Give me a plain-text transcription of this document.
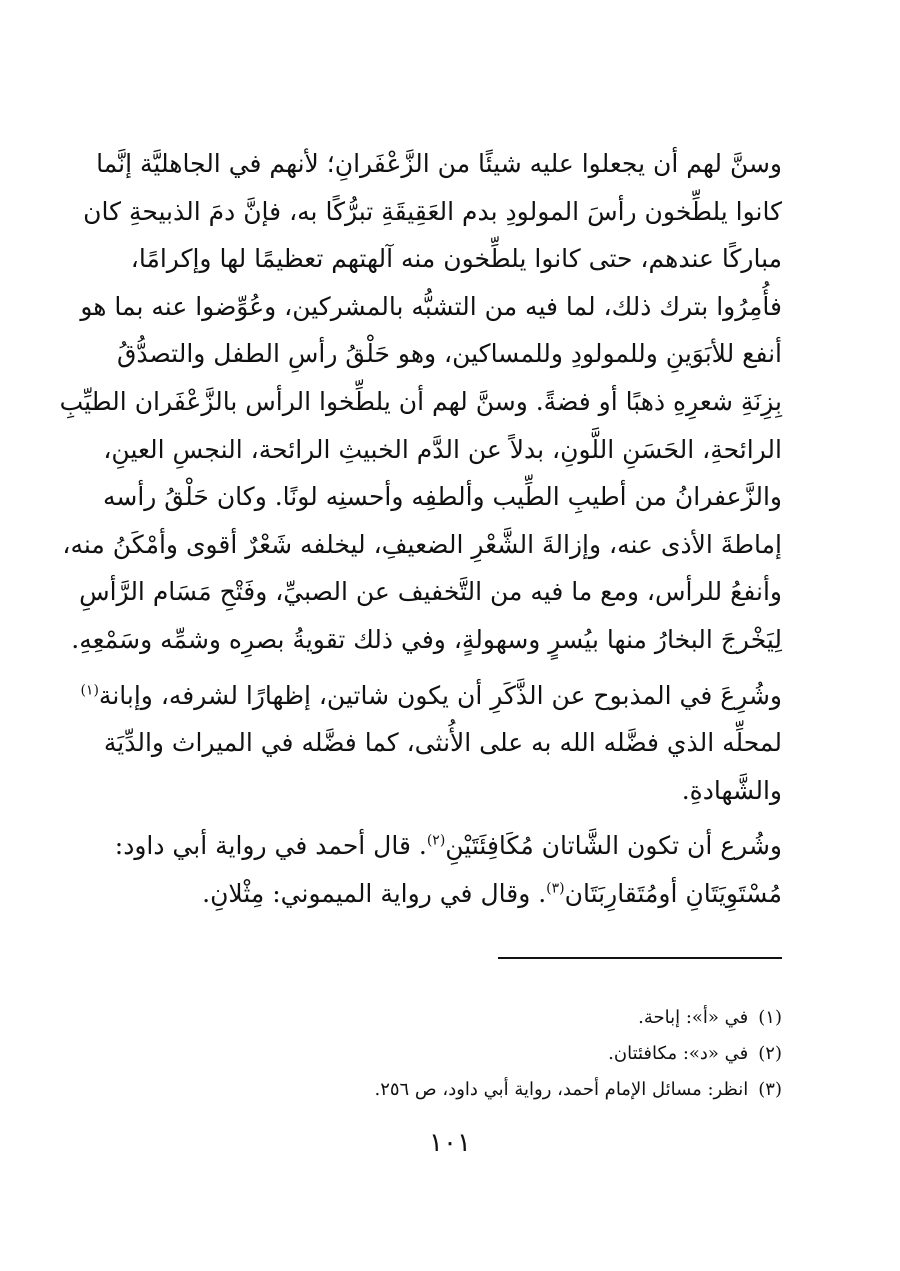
وسنَّ لهم أن يجعلوا عليه شيئًا من الزَّعْفَرانِ؛ لأنهم في الجاهليَّة إنَّما
كانوا يلطِّخون رأسَ المولودِ بدم العَقِيقَةِ تبرُّكًا به، فإنَّ دمَ الذبيحةِ كان
مباركًا عندهم، حتى كانوا يلطِّخون منه آلهتهم تعظيمًا لها وإكرامًا،
فأُمِرُوا بترك ذلك، لما فيه من التشبُّه بالمشركين، وعُوِّضوا عنه بما هو
أنفع للأبَوَينِ وللمولودِ وللمساكين، وهو حَلْقُ رأسِ الطفل والتصدُّقُ
بِزِنَةِ شعرِهِ ذهبًا أو فضةً. وسنَّ لهم أن يلطِّخوا الرأس بالزَّعْفَران الطيِّبِ
الرائحةِ، الحَسَنِ اللَّونِ، بدلاً عن الدَّم الخبيثِ الرائحة، النجسِ العينِ،
والزَّعفرانُ من أطيبِ الطِّيب وألطفِه وأحسنِه لونًا. وكان حَلْقُ رأسه
إماطةَ الأذى عنه، وإزالةَ الشَّعْرِ الضعيفِ، ليخلفه شَعْرٌ أقوى وأمْكَنُ منه،
وأنفعُ للرأس، ومع ما فيه من التَّخفيف عن الصبيِّ، وفَتْحِ مَسَام الرَّأسِ
لِيَخْرجَ البخارُ منها بيُسرٍ وسهولةٍ، وفي ذلك تقويةُ بصرِه وشمِّه وسَمْعِهِ.

وشُرِعَ في المذبوح عن الذَّكَرِ أن يكون شاتين، إظهارًا لشرفه، وإبانة$^{(١)}$
لمحلِّه الذي فضَّله الله به على الأُنثى، كما فضَّله في الميراث والدِّيَة
والشَّهادةِ.

وشُرع أن تكون الشَّاتان مُكَافِئَتَيْنِ$^{(٢)}$. قال أحمد في رواية أبي داود:
مُسْتَوِيَتَانِ أومُتَقارِبَتَان$^{(٣)}$. وقال في رواية الميموني: مِثْلانِ.

(١)في «أ»: إباحة.
(٢)في «د»: مكافئتان.
(٣)انظر: مسائل الإمام أحمد، رواية أبي داود، ص ٢٥٦.
١٠١
